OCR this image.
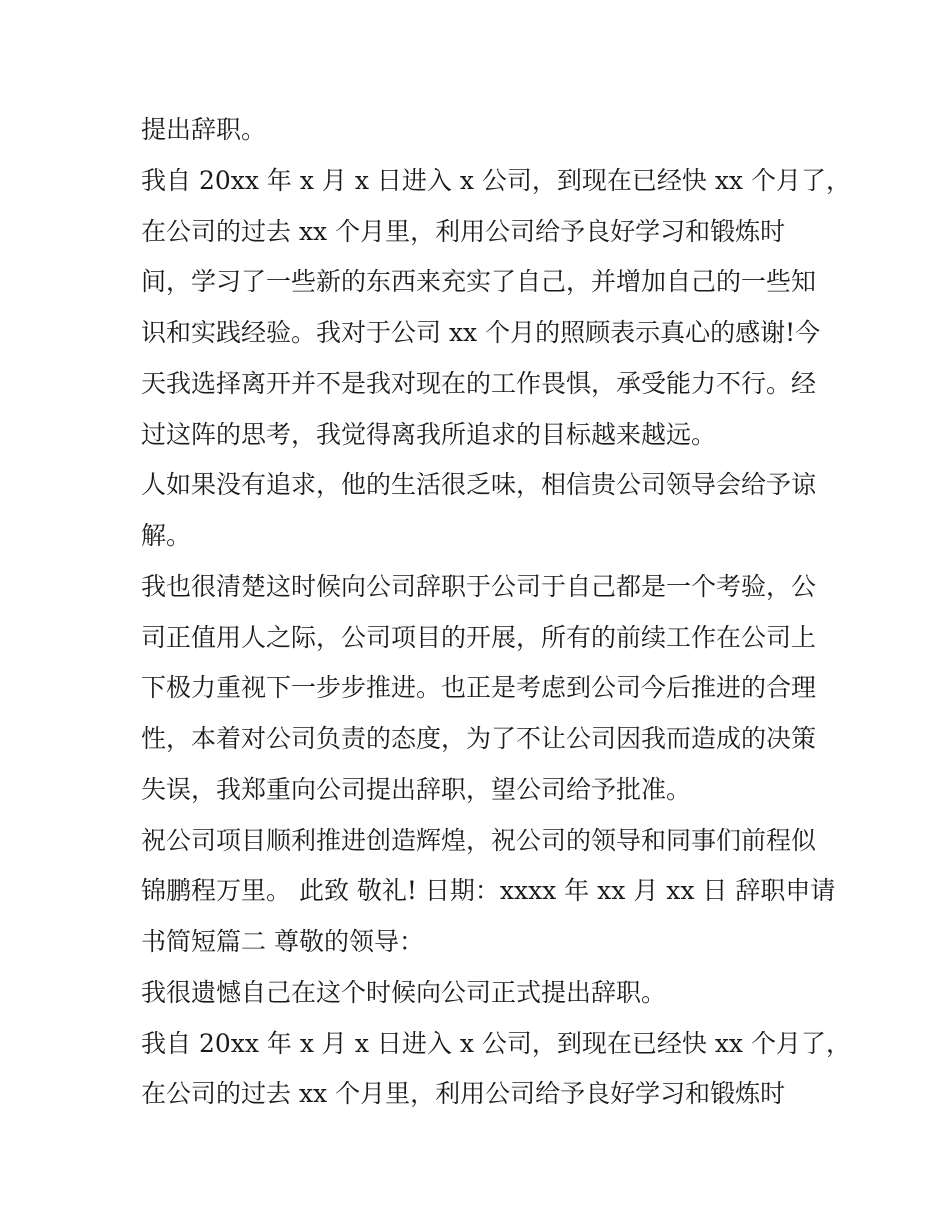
提出辞职。
我自 20xx 年 x 月 x 日进入 x 公司，到现在已经快 xx 个月了，
在公司的过去 xx 个月里，利用公司给予良好学习和锻炼时
间，学习了一些新的东西来充实了自己，并增加自己的一些知
识和实践经验。我对于公司 xx 个月的照顾表示真心的感谢!今
天我选择离开并不是我对现在的工作畏惧，承受能力不行。经
过这阵的思考，我觉得离我所追求的目标越来越远。
人如果没有追求，他的生活很乏味，相信贵公司领导会给予谅
解。
我也很清楚这时候向公司辞职于公司于自己都是一个考验，公
司正值用人之际，公司项目的开展，所有的前续工作在公司上
下极力重视下一步步推进。也正是考虑到公司今后推进的合理
性，本着对公司负责的态度，为了不让公司因我而造成的决策
失误，我郑重向公司提出辞职，望公司给予批准。
祝公司项目顺利推进创造辉煌，祝公司的领导和同事们前程似
锦鹏程万里。 此致 敬礼! 日期：xxxx 年 xx 月 xx 日 辞职申请
书简短篇二 尊敬的领导：
我很遗憾自己在这个时候向公司正式提出辞职。
我自 20xx 年 x 月 x 日进入 x 公司，到现在已经快 xx 个月了，
在公司的过去 xx 个月里，利用公司给予良好学习和锻炼时
